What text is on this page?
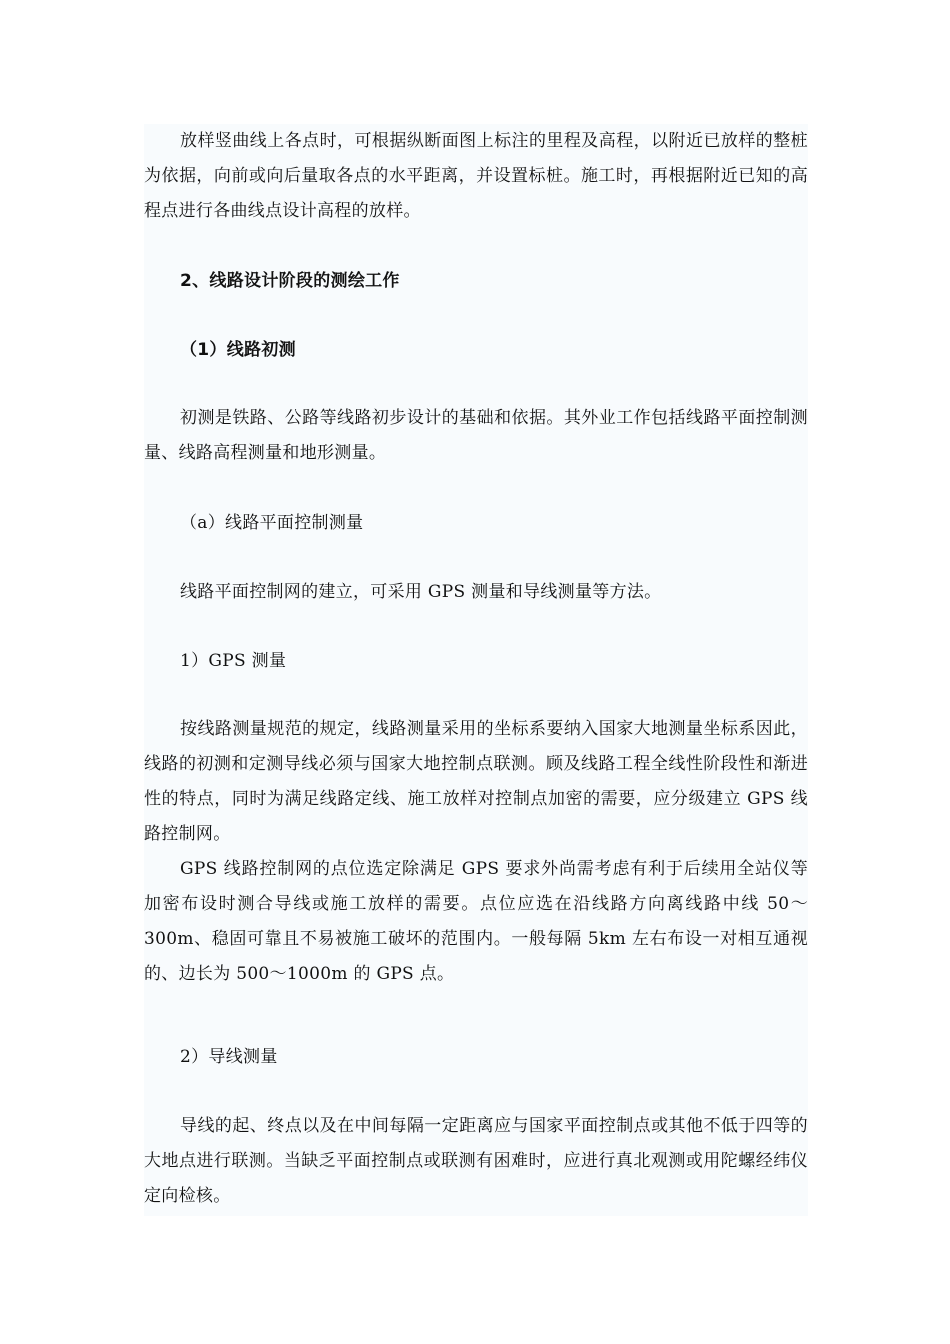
放样竖曲线上各点时，可根据纵断面图上标注的里程及高程，以附近已放样的整桩为依据，向前或向后量取各点的水平距离，并设置标桩。施工时，再根据附近已知的高程点进行各曲线点设计高程的放样。

2、线路设计阶段的测绘工作

（1）线路初测

初测是铁路、公路等线路初步设计的基础和依据。其外业工作包括线路平面控制测量、线路高程测量和地形测量。

（a）线路平面控制测量

线路平面控制网的建立，可采用 GPS 测量和导线测量等方法。

1）GPS 测量

按线路测量规范的规定，线路测量采用的坐标系要纳入国家大地测量坐标系因此，线路的初测和定测导线必须与国家大地控制点联测。顾及线路工程全线性阶段性和渐进性的特点，同时为满足线路定线、施工放样对控制点加密的需要，应分级建立 GPS 线路控制网。

GPS 线路控制网的点位选定除满足 GPS 要求外尚需考虑有利于后续用全站仪等加密布设时测合导线或施工放样的需要。点位应选在沿线路方向离线路中线 50～300m、稳固可靠且不易被施工破坏的范围内。一般每隔 5km 左右布设一对相互通视的、边长为 500～1000m 的 GPS 点。

2）导线测量

导线的起、终点以及在中间每隔一定距离应与国家平面控制点或其他不低于四等的大地点进行联测。当缺乏平面控制点或联测有困难时，应进行真北观测或用陀螺经纬仪定向检核。
